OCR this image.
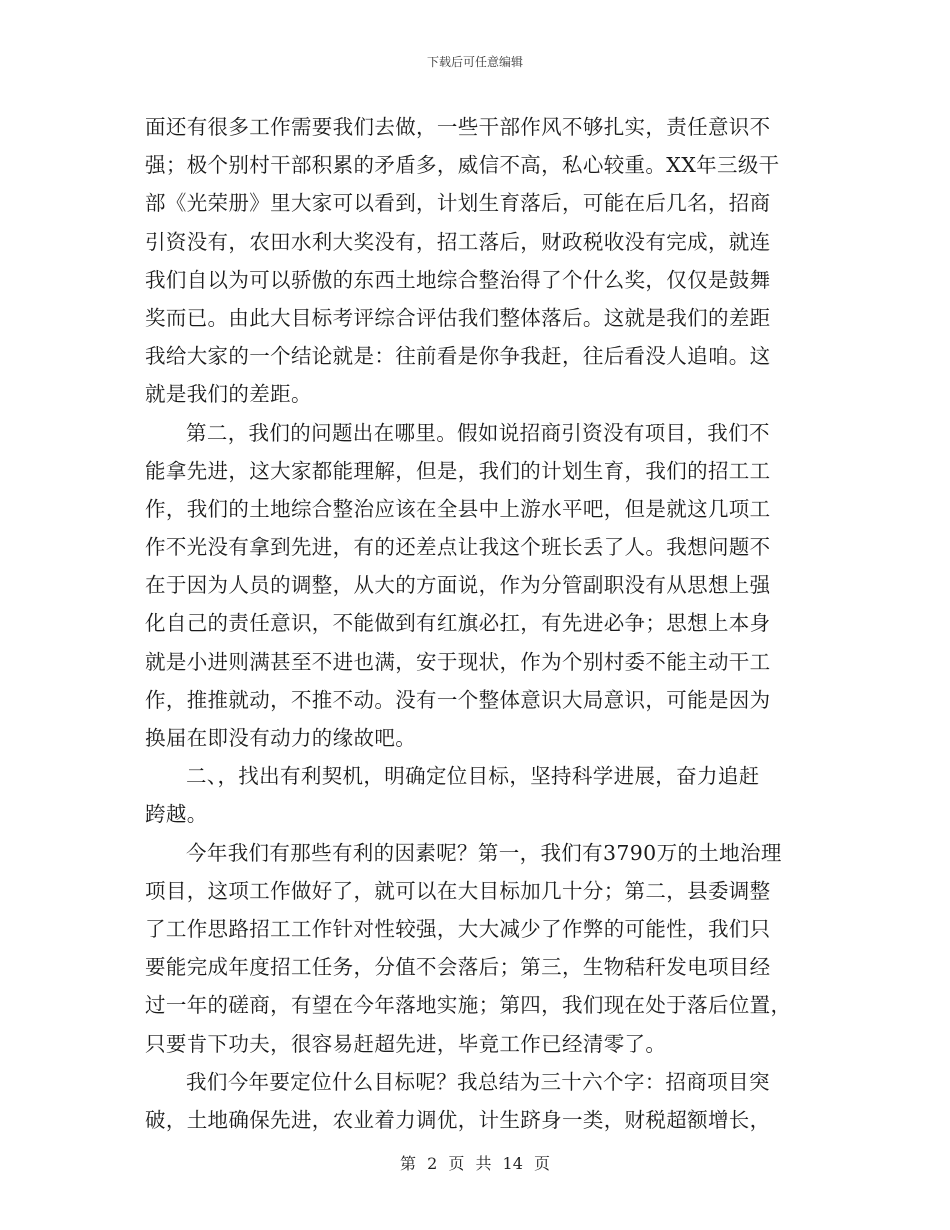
下载后可任意编辑
面还有很多工作需要我们去做，一些干部作风不够扎实，责任意识不
强；极个别村干部积累的矛盾多，威信不高，私心较重。XX年三级干
部《光荣册》里大家可以看到，计划生育落后，可能在后几名，招商
引资没有，农田水利大奖没有，招工落后，财政税收没有完成，就连
我们自以为可以骄傲的东西土地综合整治得了个什么奖，仅仅是鼓舞
奖而已。由此大目标考评综合评估我们整体落后。这就是我们的差距
我给大家的一个结论就是：往前看是你争我赶，往后看没人追咱。这
就是我们的差距。
第二，我们的问题出在哪里。假如说招商引资没有项目，我们不
能拿先进，这大家都能理解，但是，我们的计划生育，我们的招工工
作，我们的土地综合整治应该在全县中上游水平吧，但是就这几项工
作不光没有拿到先进，有的还差点让我这个班长丢了人。我想问题不
在于因为人员的调整，从大的方面说，作为分管副职没有从思想上强
化自己的责任意识，不能做到有红旗必扛，有先进必争；思想上本身
就是小进则满甚至不进也满，安于现状，作为个别村委不能主动干工
作，推推就动，不推不动。没有一个整体意识大局意识，可能是因为
换届在即没有动力的缘故吧。
二、，找出有利契机，明确定位目标，坚持科学进展，奋力追赶
跨越。
今年我们有那些有利的因素呢？第一，我们有3790万的土地治理
项目，这项工作做好了，就可以在大目标加几十分；第二，县委调整
了工作思路招工工作针对性较强，大大减少了作弊的可能性，我们只
要能完成年度招工任务，分值不会落后；第三，生物秸秆发电项目经
过一年的磋商，有望在今年落地实施；第四，我们现在处于落后位置，
只要肯下功夫，很容易赶超先进，毕竟工作已经清零了。
我们今年要定位什么目标呢？我总结为三十六个字：招商项目突
破，土地确保先进，农业着力调优，计生跻身一类，财税超额增长，
第 2 页 共 14 页
